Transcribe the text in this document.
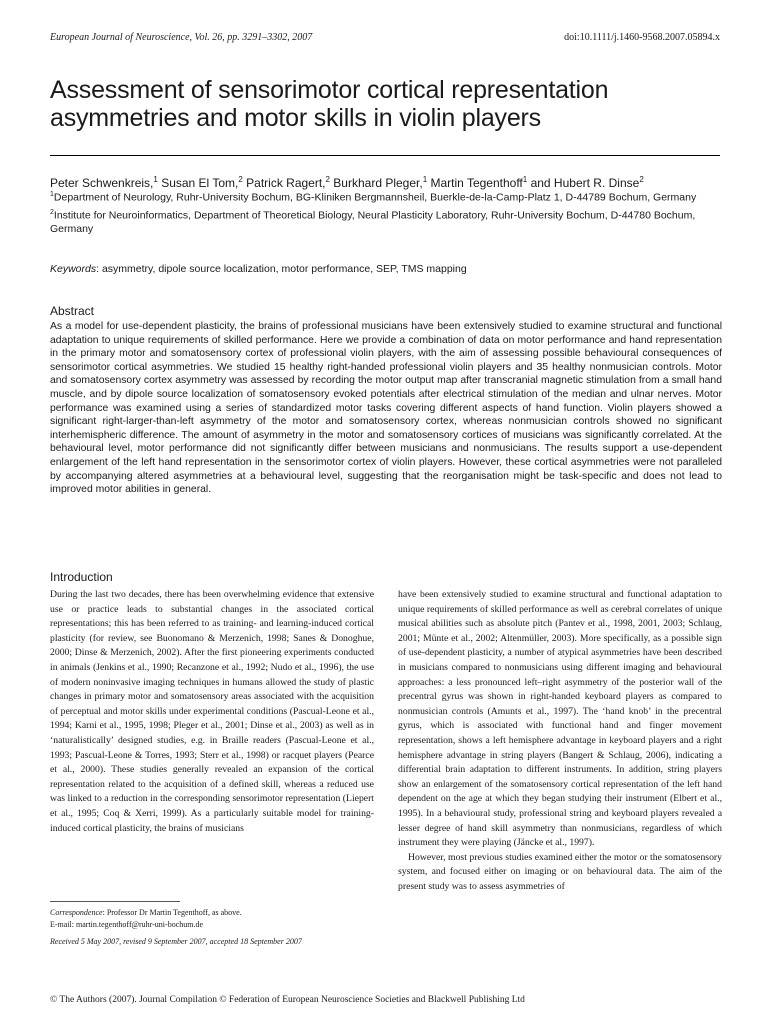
European Journal of Neuroscience, Vol. 26, pp. 3291–3302, 2007	doi:10.1111/j.1460-9568.2007.05894.x
Assessment of sensorimotor cortical representation asymmetries and motor skills in violin players
Peter Schwenkreis,$^1$ Susan El Tom,$^2$ Patrick Ragert,$^2$ Burkhard Pleger,$^1$ Martin Tegenthoff$^1$ and Hubert R. Dinse$^2$

$^1$Department of Neurology, Ruhr-University Bochum, BG-Kliniken Bergmannsheil, Buerkle-de-la-Camp-Platz 1, D-44789 Bochum, Germany

$^2$Institute for Neuroinformatics, Department of Theoretical Biology, Neural Plasticity Laboratory, Ruhr-University Bochum, D-44780 Bochum, Germany

Keywords: asymmetry, dipole source localization, motor performance, SEP, TMS mapping
Abstract

As a model for use-dependent plasticity, the brains of professional musicians have been extensively studied to examine structural and functional adaptation to unique requirements of skilled performance. Here we provide a combination of data on motor performance and hand representation in the primary motor and somatosensory cortex of professional violin players, with the aim of assessing possible behavioural consequences of sensorimotor cortical asymmetries. We studied 15 healthy right-handed professional violin players and 35 healthy nonmusician controls. Motor and somatosensory cortex asymmetry was assessed by recording the motor output map after transcranial magnetic stimulation from a small hand muscle, and by dipole source localization of somatosensory evoked potentials after electrical stimulation of the median and ulnar nerves. Motor performance was examined using a series of standardized motor tasks covering different aspects of hand function. Violin players showed a significant right-larger-than-left asymmetry of the motor and somatosensory cortex, whereas nonmusician controls showed no significant interhemispheric difference. The amount of asymmetry in the motor and somatosensory cortices of musicians was significantly correlated. At the behavioural level, motor performance did not significantly differ between musicians and nonmusicians. The results support a use-dependent enlargement of the left hand representation in the sensorimotor cortex of violin players. However, these cortical asymmetries were not paralleled by accompanying altered asymmetries at a behavioural level, suggesting that the reorganisation might be task-specific and does not lead to improved motor abilities in general.

Introduction

During the last two decades, there has been overwhelming evidence that extensive use or practice leads to substantial changes in the associated cortical representations; this has been referred to as training- and learning-induced cortical plasticity (for review, see Buonomano & Merzenich, 1998; Sanes & Donoghue, 2000; Dinse & Merzenich, 2002). After the first pioneering experiments conducted in animals (Jenkins et al., 1990; Recanzone et al., 1992; Nudo et al., 1996), the use of modern noninvasive imaging techniques in humans allowed the study of plastic changes in primary motor and somatosensory areas associated with the acquisition of perceptual and motor skills under experimental conditions (Pascual-Leone et al., 1994; Karni et al., 1995, 1998; Pleger et al., 2001; Dinse et al., 2003) as well as in ‘naturalistically’ designed studies, e.g. in Braille readers (Pascual-Leone et al., 1993; Pascual-Leone & Torres, 1993; Sterr et al., 1998) or racquet players (Pearce et al., 2000). These studies generally revealed an expansion of the cortical representation related to the acquisition of a defined skill, whereas a reduced use was linked to a reduction in the corresponding sensorimotor representation (Liepert et al., 1995; Coq & Xerri, 1999). As a particularly suitable model for training-induced cortical plasticity, the brains of musicians

have been extensively studied to examine structural and functional adaptation to unique requirements of skilled performance as well as cerebral correlates of unique musical abilities such as absolute pitch (Pantev et al., 1998, 2001, 2003; Schlaug, 2001; Münte et al., 2002; Altenmüller, 2003). More specifically, as a possible sign of use-dependent plasticity, a number of atypical asymmetries have been described in musicians compared to nonmusicians using different imaging and behavioural approaches: a less pronounced left–right asymmetry of the posterior wall of the precentral gyrus was shown in right-handed keyboard players as compared to nonmusician controls (Amunts et al., 1997). The ‘hand knob’ in the precentral gyrus, which is associated with functional hand and finger movement representation, shows a left hemisphere advantage in keyboard players and a right hemisphere advantage in string players (Bangert & Schlaug, 2006), indicating a differential brain adaptation to different instruments. In addition, string players show an enlargement of the somatosensory cortical representation of the left hand dependent on the age at which they began studying their instrument (Elbert et al., 1995). In a behavioural study, professional string and keyboard players revealed a lesser degree of hand skill asymmetry than nonmusicians, regardless of which instrument they were playing (Jäncke et al., 1997).

However, most previous studies examined either the motor or the somatosensory system, and focused either on imaging or on behavioural data. The aim of the present study was to assess asymmetries of

Correspondence: Professor Dr Martin Tegenthoff, as above.
E-mail: martin.tegenthoff@ruhr-uni-bochum.de
Received 5 May 2007, revised 9 September 2007, accepted 18 September 2007
© The Authors (2007). Journal Compilation © Federation of European Neuroscience Societies and Blackwell Publishing Ltd
